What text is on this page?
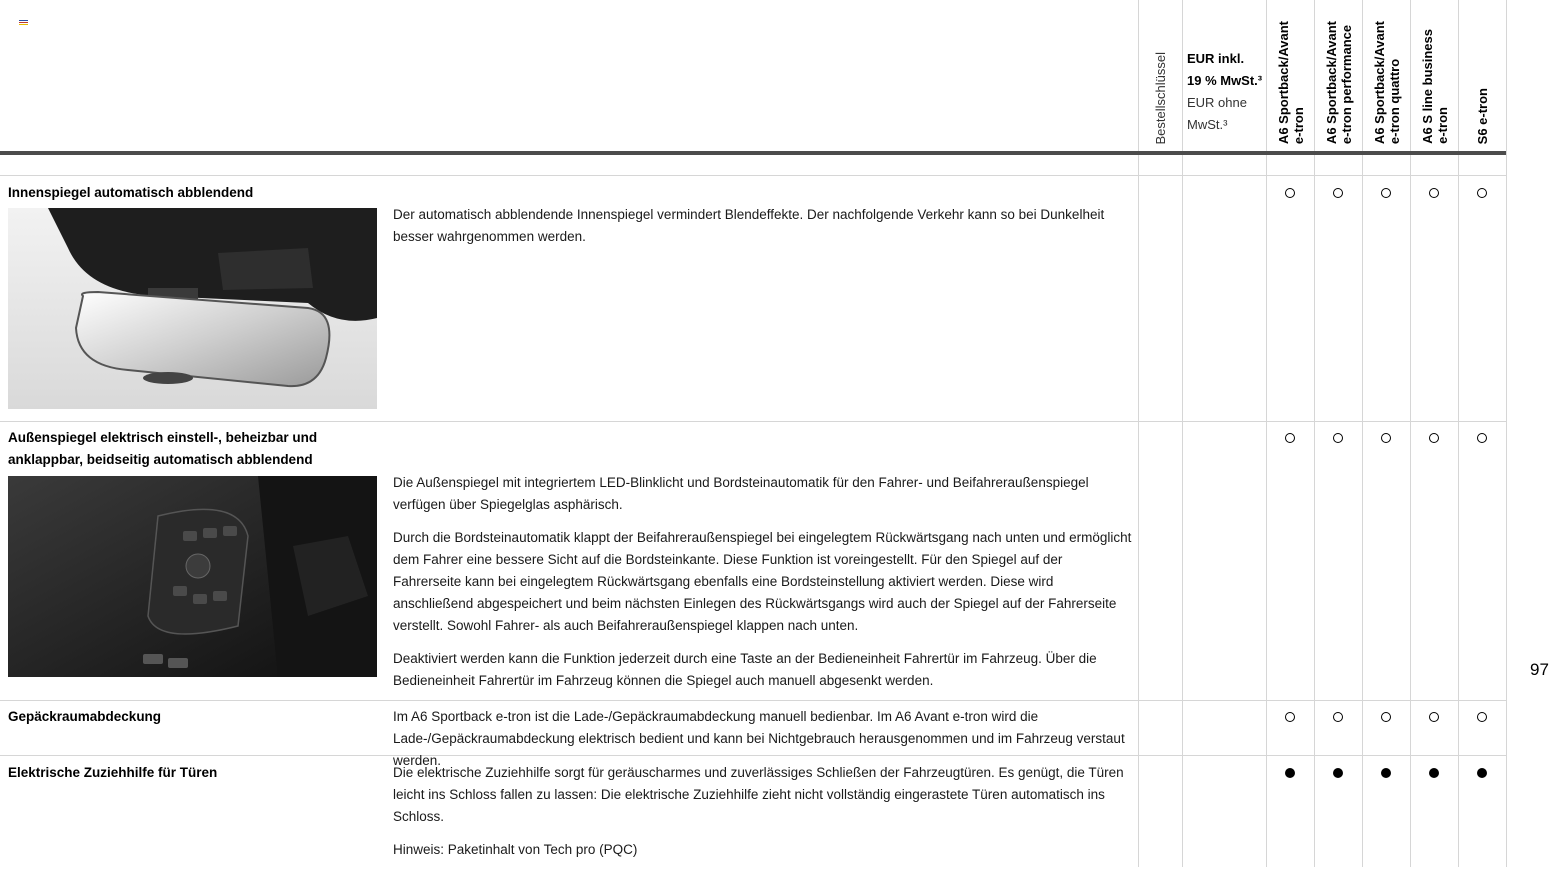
Bestellschlüssel EUR inkl.
19 % MwSt.³
EUR ohne
MwSt.³
A6 Sportback/Avant
e-tron A6 Sportback/Avant
e-tron performance
A6 Sportback/Avant
e-tron quattro
A6 S line business
e-tron S6 e-tron
Innenspiegel automatisch abblendend

Der automatisch abblendende Innenspiegel vermindert Blendeffekte. Der nachfolgende Verkehr kann so bei Dunkelheit besser wahrgenommen werden.

Außenspiegel elektrisch einstell-, beheizbar und anklappbar, beidseitig automatisch abblendend

Die Außenspiegel mit integriertem LED-Blinklicht und Bordsteinautomatik für den Fahrer- und Beifahreraußenspiegel verfügen über Spiegelglas asphärisch.

Durch die Bordsteinautomatik klappt der Beifahreraußenspiegel bei eingelegtem Rückwärtsgang nach unten und ermöglicht dem Fahrer eine bessere Sicht auf die Bordsteinkante. Diese Funktion ist voreingestellt. Für den Spiegel auf der Fahrerseite kann bei eingelegtem Rückwärtsgang ebenfalls eine Bordsteinstellung aktiviert werden. Diese wird anschließend abgespeichert und beim nächsten Einlegen des Rückwärtsgangs wird auch der Spiegel auf der Fahrerseite verstellt. Sowohl Fahrer- als auch Beifahreraußenspiegel klappen nach unten.

Deaktiviert werden kann die Funktion jederzeit durch eine Taste an der Bedieneinheit Fahrertür im Fahrzeug. Über die Bedieneinheit Fahrertür im Fahrzeug können die Spiegel auch manuell abgesenkt werden.

Gepäckraumabdeckung	Im A6 Sportback e-tron ist die Lade-/Gepäckraumabdeckung manuell bedienbar. Im A6 Avant e-tron wird die Lade-/Gepäckraumabdeckung elektrisch bedient und kann bei Nichtgebrauch herausgenommen und im Fahrzeug verstaut werden.

Elektrische Zuziehhilfe für Türen	Die elektrische Zuziehhilfe sorgt für geräuscharmes und zuverlässiges Schließen der Fahrzeugtüren. Es genügt, die Türen leicht ins Schloss fallen zu lassen: Die elektrische Zuziehhilfe zieht nicht vollständig eingerastete Türen automatisch ins Schloss.

Hinweis: Paketinhalt von Tech pro (PQC)

97
